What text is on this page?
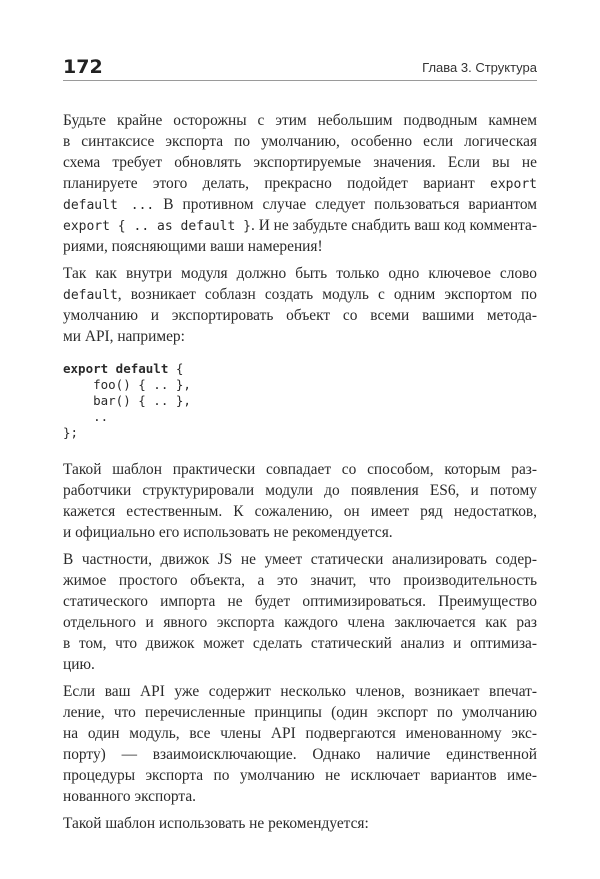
172	Глава 3. Структура
Будьте крайне осторожны с этим небольшим подводным камнем
в синтаксисе экспорта по умолчанию, особенно если логическая
схема требует обновлять экспортируемые значения. Если вы не
планируете этого делать, прекрасно подойдет вариант export
default ... В противном случае следует пользоваться вариантом
export { .. as default }. И не забудьте снабдить ваш код коммента-
риями, поясняющими ваши намерения!
Так как внутри модуля должно быть только одно ключевое слово
default, возникает соблазн создать модуль с одним экспортом по
умолчанию и экспортировать объект со всеми вашими метода-
ми API, например:
export default {
foo() { .. },
bar() { .. },
..
};
Такой шаблон практически совпадает со способом, которым раз-
работчики структурировали модули до появления ES6, и потому
кажется естественным. К сожалению, он имеет ряд недостатков,
и официально его использовать не рекомендуется.
В частности, движок JS не умеет статически анализировать содер-
жимое простого объекта, а это значит, что производительность
статического импорта не будет оптимизироваться. Преимущество
отдельного и явного экспорта каждого члена заключается как раз
в том, что движок может сделать статический анализ и оптимиза-
цию.
Если ваш API уже содержит несколько членов, возникает впечат-
ление, что перечисленные принципы (один экспорт по умолчанию
на один модуль, все члены API подвергаются именованному экс-
порту) — взаимоисключающие. Однако наличие единственной
процедуры экспорта по умолчанию не исключает вариантов име-
нованного экспорта.
Такой шаблон использовать не рекомендуется:
